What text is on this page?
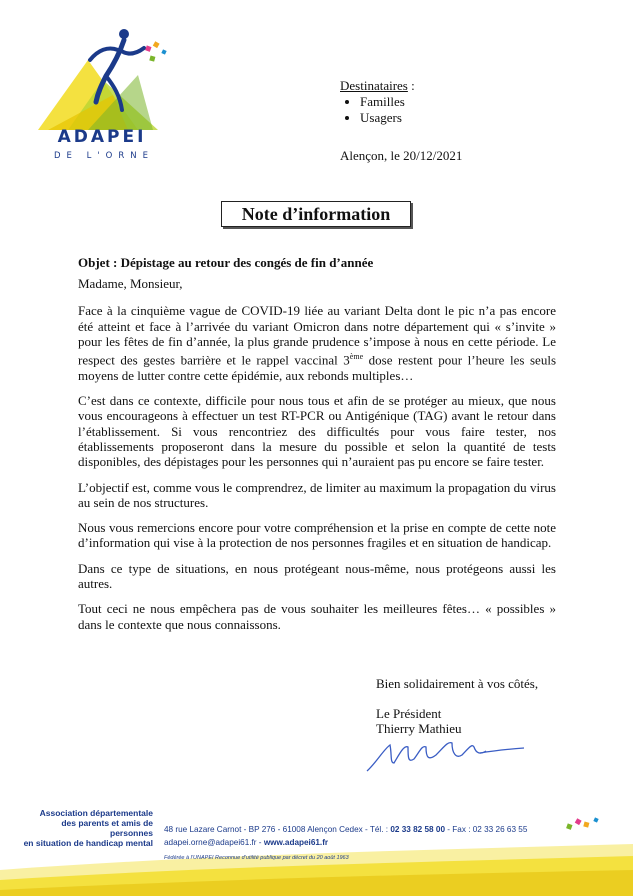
ADAPEI
DE L'ORNE
Destinataires :
• Familles
• Usagers
Alençon, le 20/12/2021
Note d’information
Objet : Dépistage au retour des congés de fin d’année

Madame, Monsieur,

Face à la cinquième vague de COVID-19 liée au variant Delta dont le pic n’a pas encore été atteint et face à l’arrivée du variant Omicron dans notre département qui « s’invite » pour les fêtes de fin d’année, la plus grande prudence s’impose à nous en cette période. Le respect des gestes barrière et le rappel vaccinal 3ème dose restent pour l’heure les seuls moyens de lutter contre cette épidémie, aux rebonds multiples…

C’est dans ce contexte, difficile pour nous tous et afin de se protéger au mieux, que nous vous encourageons à effectuer un test RT-PCR ou Antigénique (TAG) avant le retour dans l’établissement. Si vous rencontriez des difficultés pour vous faire tester, nos établissements proposeront dans la mesure du possible et selon la quantité de tests disponibles, des dépistages pour les personnes qui n’auraient pas pu encore se faire tester.

L’objectif est, comme vous le comprendrez, de limiter au maximum la propagation du virus au sein de nos structures.

Nous vous remercions encore pour votre compréhension et la prise en compte de cette note d’information qui vise à la protection de nos personnes fragiles et en situation de handicap.

Dans ce type de situations, en nous protégeant nous-même, nous protégeons aussi les autres.

Tout ceci ne nous empêchera pas de vous souhaiter les meilleures fêtes… « possibles » dans le contexte que nous connaissons.

Bien solidairement à vos côtés,
Le Président
Thierry Mathieu
Association départementale
des parents et amis de personnes
en situation de handicap mental
48 rue Lazare Carnot - BP 276 - 61008 Alençon Cedex - Tél. : 02 33 82 58 00 - Fax : 02 33 26 63 55
adapei.orne@adapei61.fr - www.adapei61.fr
Fédérée à l’UNAPEI Reconnue d’utilité publique par décret du 20 août 1963
